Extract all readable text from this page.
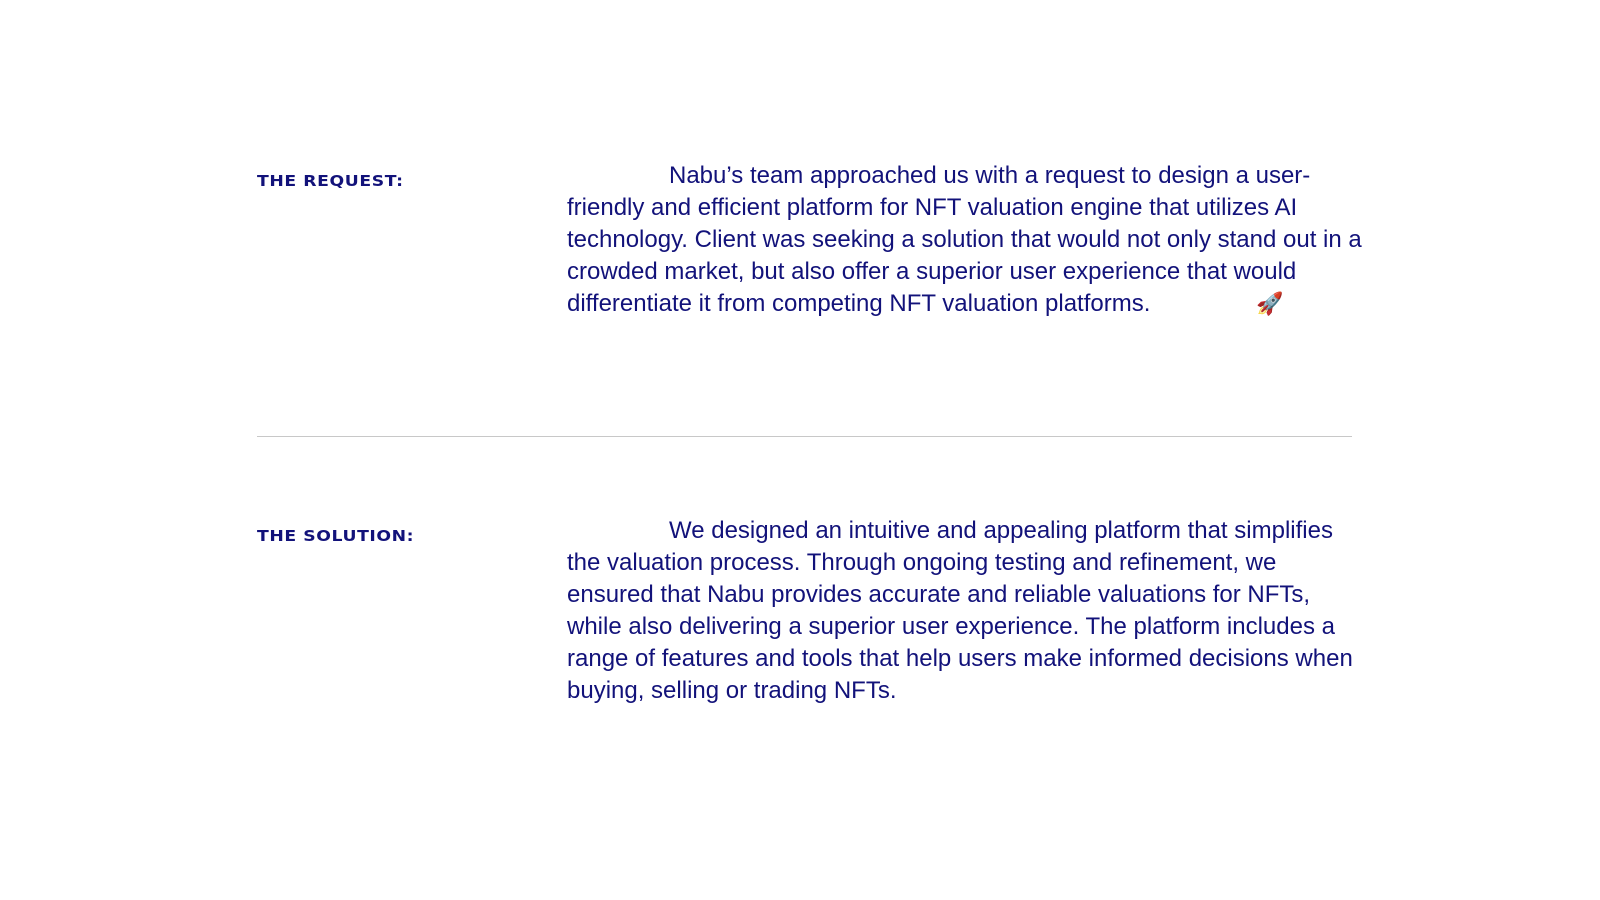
THE REQUEST:	Nabu’s team approached us with a request to design a user-friendly and efficient platform for NFT valuation engine that utilizes AI technology. Client was seeking a solution that would not only stand out in a crowded market, but also offer a superior user experience that would differentiate it from competing NFT valuation platforms.	🚀

THE SOLUTION:	We designed an intuitive and appealing platform that simplifies the valuation process. Through ongoing testing and refinement, we ensured that Nabu provides accurate and reliable valuations for NFTs, while also delivering a superior user experience. The platform includes a range of features and tools that help users make informed decisions when buying, selling or trading NFTs.
